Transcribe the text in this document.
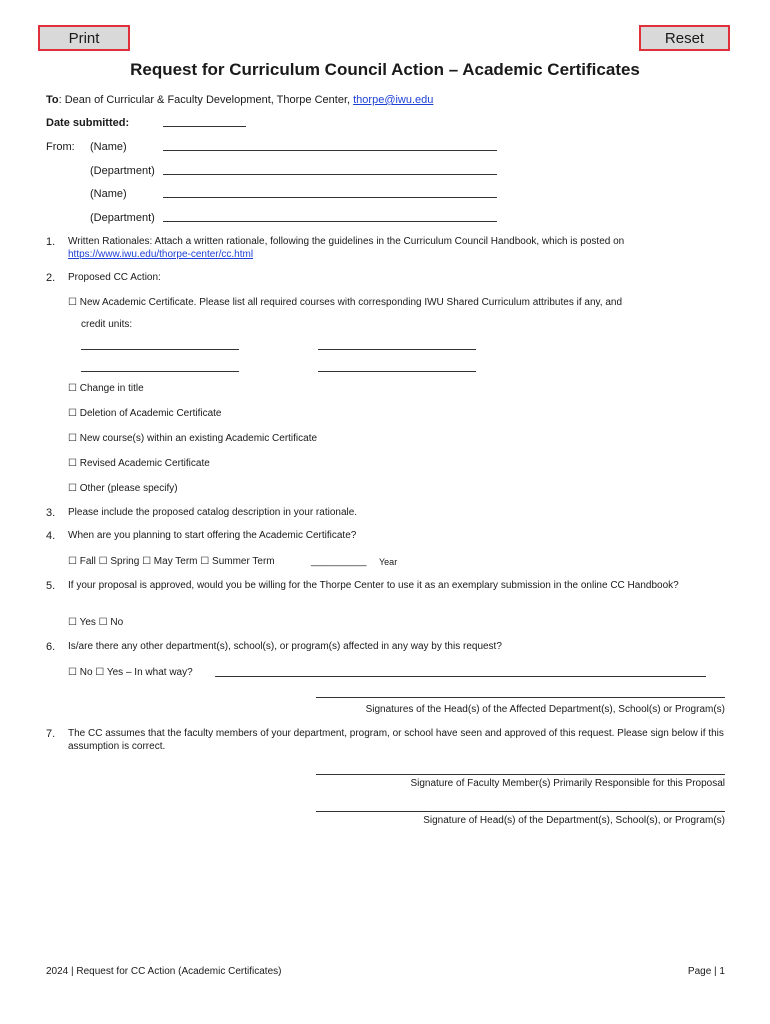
Print	Reset
Request for Curriculum Council Action – Academic Certificates
To: Dean of Curricular & Faculty Development, Thorpe Center, thorpe@iwu.edu
Date submitted:
From: (Name)
(Department)
(Name)
(Department)
1. Written Rationales: Attach a written rationale, following the guidelines in the Curriculum Council Handbook, which is posted on
https://www.iwu.edu/thorpe-center/cc.html
2. Proposed CC Action:
☐ New Academic Certificate. Please list all required courses with corresponding IWU Shared Curriculum attributes if any, and
credit units:
☐ Change in title
☐ Deletion of Academic Certificate
☐ New course(s) within an existing Academic Certificate
☐ Revised Academic Certificate
☐ Other (please specify)
3. Please include the proposed catalog description in your rationale.
4. When are you planning to start offering the Academic Certificate?
☐ Fall ☐ Spring ☐ May Term ☐ Summer Term	__________ Year
5. If your proposal is approved, would you be willing for the Thorpe Center to use it as an exemplary submission in the online CC Handbook?
☐ Yes ☐ No
6. Is/are there any other department(s), school(s), or program(s) affected in any way by this request?
☐ No ☐ Yes – In what way?
Signatures of the Head(s) of the Affected Department(s), School(s) or Program(s)
7. The CC assumes that the faculty members of your department, program, or school have seen and approved of this request. Please sign below if this assumption is correct.
Signature of Faculty Member(s) Primarily Responsible for this Proposal
Signature of Head(s) of the Department(s), School(s), or Program(s)
2024 | Request for CC Action (Academic Certificates)	Page | 1
